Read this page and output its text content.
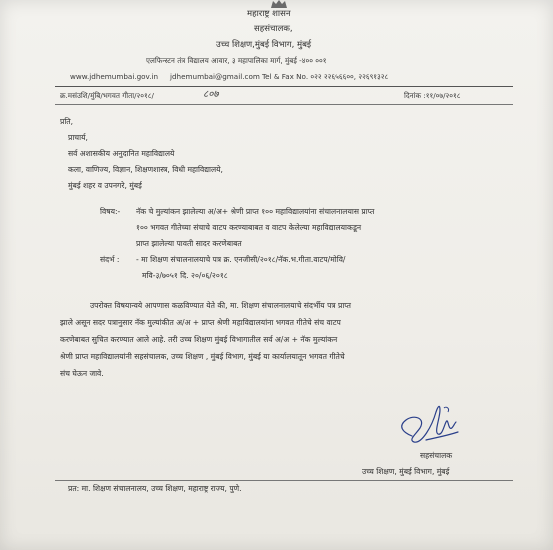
महाराष्ट्र शासन
सहसंचालक,
उच्च शिक्षण,मुंबई विभाग, मुंबई
एलफिन्स्टन तंत्र विद्यालय आवार, ३ महापालिका मार्ग, मुंबई -४०० ००१
www.jdhemumbai.gov.in jdhemumbai@gmail.com Tel & Fax No. ०२२ २२६५६६००, २२६९१३२८
क्र.मसंउशि/मुंबि/भगवत गीता/२०१८/	८०७	दिनांक :११/०७/२०१८
प्रति,
प्राचार्य,
सर्व अशासकीय अनुदानित महाविद्यालये
कला, वाणिज्य, विज्ञान, शिक्षणशास्त्र, विधी महाविद्यालये,
मुंबई शहर व उपनगरे, मुंबई
विषय:- नॅक चे मुल्यांकन झालेल्या अ/अ+ श्रेणी प्राप्त १०० महाविद्यालयांना संचालनालयास प्राप्त
१०० भगवत गीतेच्या संचाचे वाटप करण्याबाबत व वाटप केलेल्या महाविद्यालयाकडून
प्राप्त झालेल्या पावती सादर करणेबाबत
संदर्भ : - मा शिक्षण संचालनालयाचे पत्र क्र. एनजीसी/२०१८/नॅक.भ.गीता.वाटप/मोवि/
मवि-३/७०५१ दि. २०/०६/२०१८
उपरोक्त विषयान्वये आपणास कळविण्यात येते की, मा. शिक्षण संचालनालयाचे संदर्भीय पत्र प्राप्त
झाले असून सदर पत्रानुसार नॅक मुल्यांकीत अ/अ + प्राप्त श्रेणी महाविद्यालयांना भगवत गीतेचे संच वाटप
करणेबाबत सुचित करण्यात आले आहे. तरी उच्च शिक्षण मुंबई विभागातील सर्व अ/अ + नॅक मुल्यांकन
श्रेणी प्राप्त महाविद्यालयांनी सहसंचालक, उच्च शिक्षण , मुंबई विभाग, मुंबई या कार्यालयातून भगवत गीतेचे
संच घेऊन जावे.
सहसंचालक
उच्च शिक्षण, मुंबई विभाग, मुंबई
प्रत: मा. शिक्षण संचालनालय, उच्च शिक्षण, महाराष्ट्र राज्य, पुणे.
